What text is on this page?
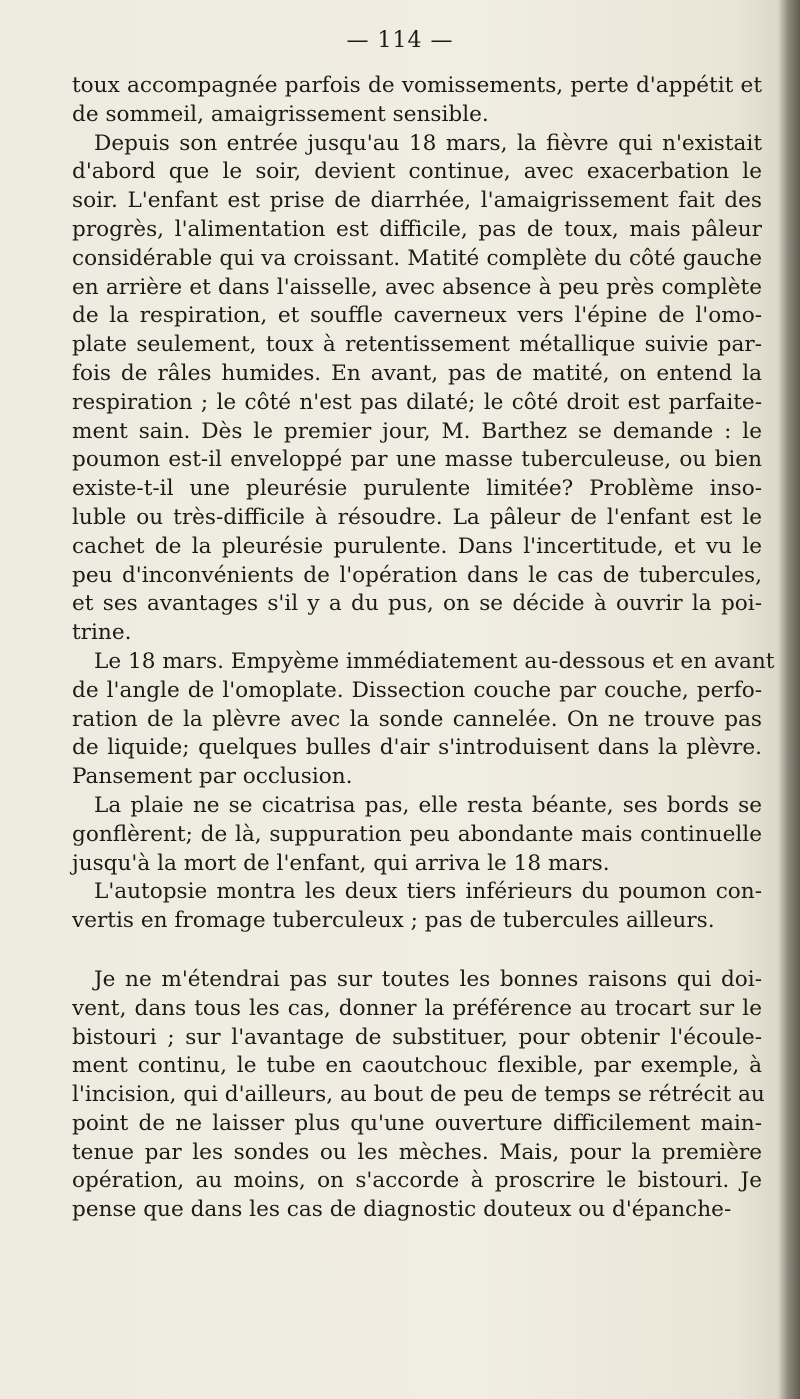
— 114 —
toux accompagnée parfois de vomissements, perte d'appétit et
de sommeil, amaigrissement sensible.
Depuis son entrée jusqu'au 18 mars, la fièvre qui n'existait
d'abord que le soir, devient continue, avec exacerbation le
soir. L'enfant est prise de diarrhée, l'amaigrissement fait des
progrès, l'alimentation est difficile, pas de toux, mais pâleur
considérable qui va croissant. Matité complète du côté gauche
en arrière et dans l'aisselle, avec absence à peu près complète
de la respiration, et souffle caverneux vers l'épine de l'omo-
plate seulement, toux à retentissement métallique suivie par-
fois de râles humides. En avant, pas de matité, on entend la
respiration ; le côté n'est pas dilaté; le côté droit est parfaite-
ment sain. Dès le premier jour, M. Barthez se demande : le
poumon est-il enveloppé par une masse tuberculeuse, ou bien
existe-t-il une pleurésie purulente limitée? Problème inso-
luble ou très-difficile à résoudre. La pâleur de l'enfant est le
cachet de la pleurésie purulente. Dans l'incertitude, et vu le
peu d'inconvénients de l'opération dans le cas de tubercules,
et ses avantages s'il y a du pus, on se décide à ouvrir la poi-
trine.
Le 18 mars. Empyème immédiatement au-dessous et en avant
de l'angle de l'omoplate. Dissection couche par couche, perfo-
ration de la plèvre avec la sonde cannelée. On ne trouve pas
de liquide; quelques bulles d'air s'introduisent dans la plèvre.
Pansement par occlusion.
La plaie ne se cicatrisa pas, elle resta béante, ses bords se
gonflèrent; de là, suppuration peu abondante mais continuelle
jusqu'à la mort de l'enfant, qui arriva le 18 mars.
L'autopsie montra les deux tiers inférieurs du poumon con-
vertis en fromage tuberculeux ; pas de tubercules ailleurs.
Je ne m'étendrai pas sur toutes les bonnes raisons qui doi-
vent, dans tous les cas, donner la préférence au trocart sur le
bistouri ; sur l'avantage de substituer, pour obtenir l'écoule-
ment continu, le tube en caoutchouc flexible, par exemple, à
l'incision, qui d'ailleurs, au bout de peu de temps se rétrécit au
point de ne laisser plus qu'une ouverture difficilement main-
tenue par les sondes ou les mèches. Mais, pour la première
opération, au moins, on s'accorde à proscrire le bistouri. Je
pense que dans les cas de diagnostic douteux ou d'épanche-
